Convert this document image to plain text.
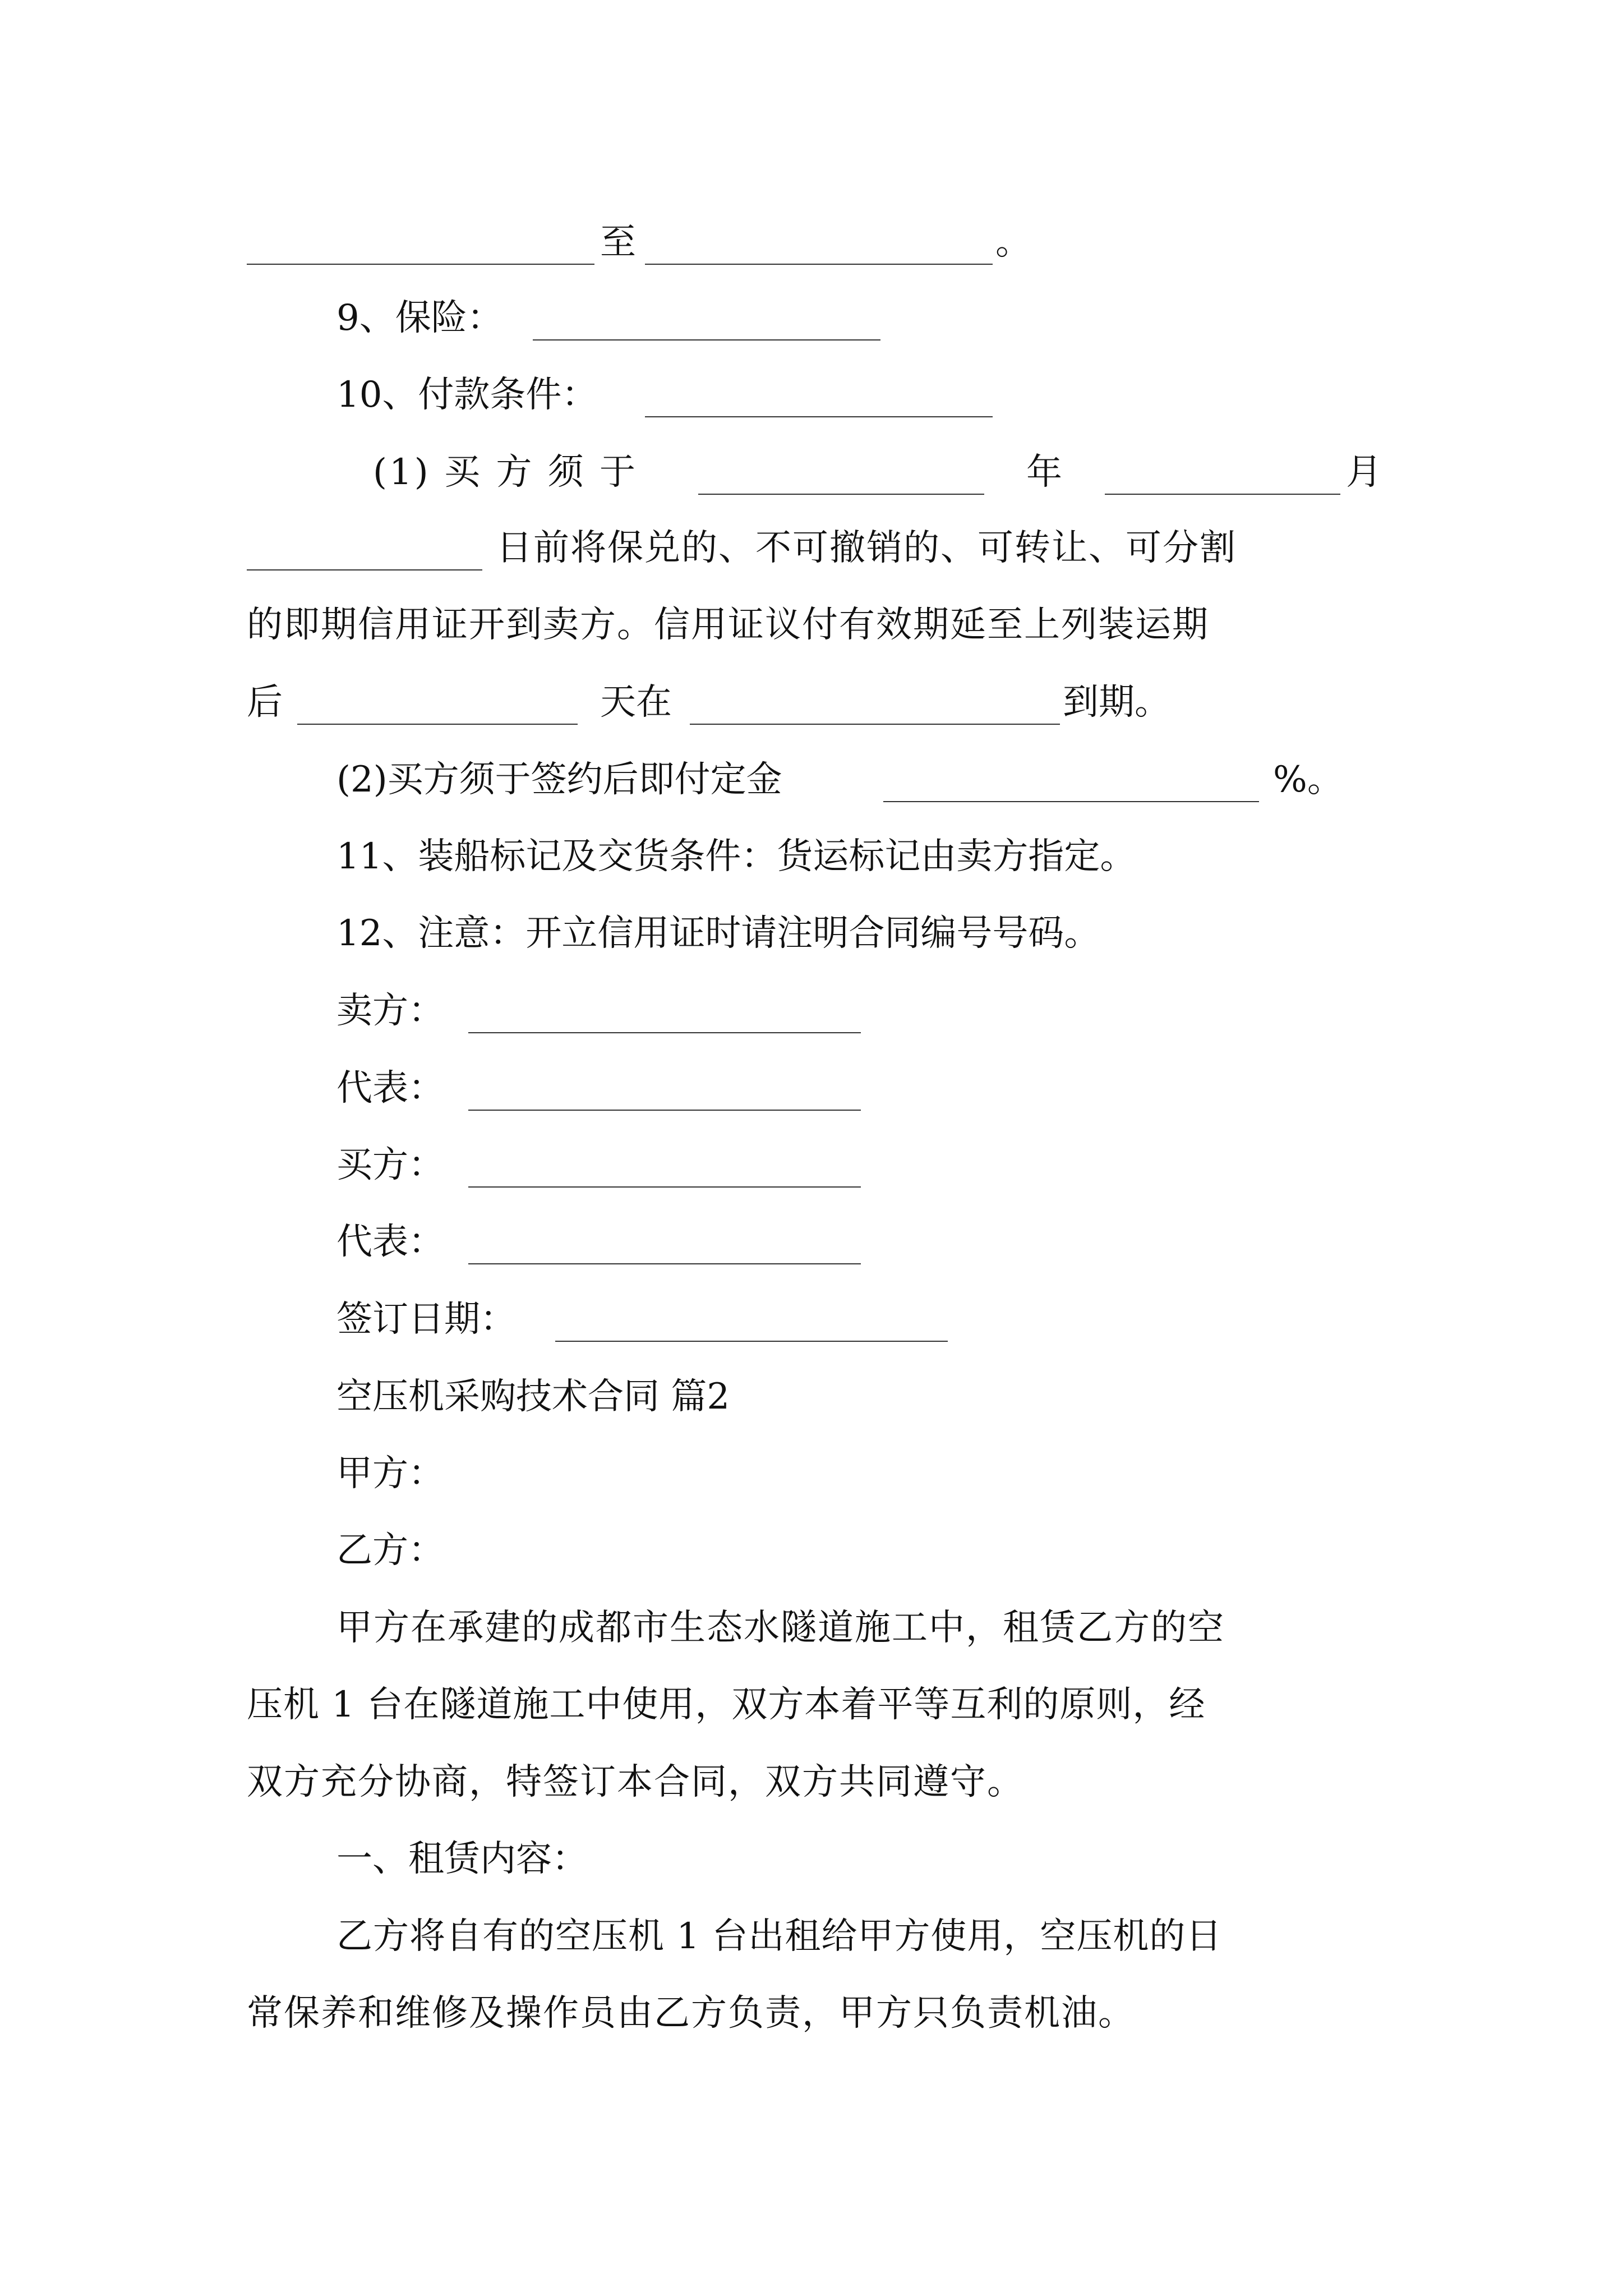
至	。
9、保险：
10、付款条件：
(1) 买 方 须 于	年	月
日前将保兑的、不可撤销的、可转让、可分割
的即期信用证开到卖方。信用证议付有效期延至上列装运期
后	天在	到期。
(2)买方须于签约后即付定金	%。
11、装船标记及交货条件：货运标记由卖方指定。
12、注意：开立信用证时请注明合同编号号码。
卖方：
代表：
买方：
代表：
签订日期：
空压机采购技术合同 篇2
甲方：
乙方：
甲方在承建的成都市生态水隧道施工中，租赁乙方的空
压机 1 台在隧道施工中使用，双方本着平等互利的原则，经
双方充分协商，特签订本合同，双方共同遵守。
一、租赁内容：
乙方将自有的空压机 1 台出租给甲方使用，空压机的日
常保养和维修及操作员由乙方负责，甲方只负责机油。
